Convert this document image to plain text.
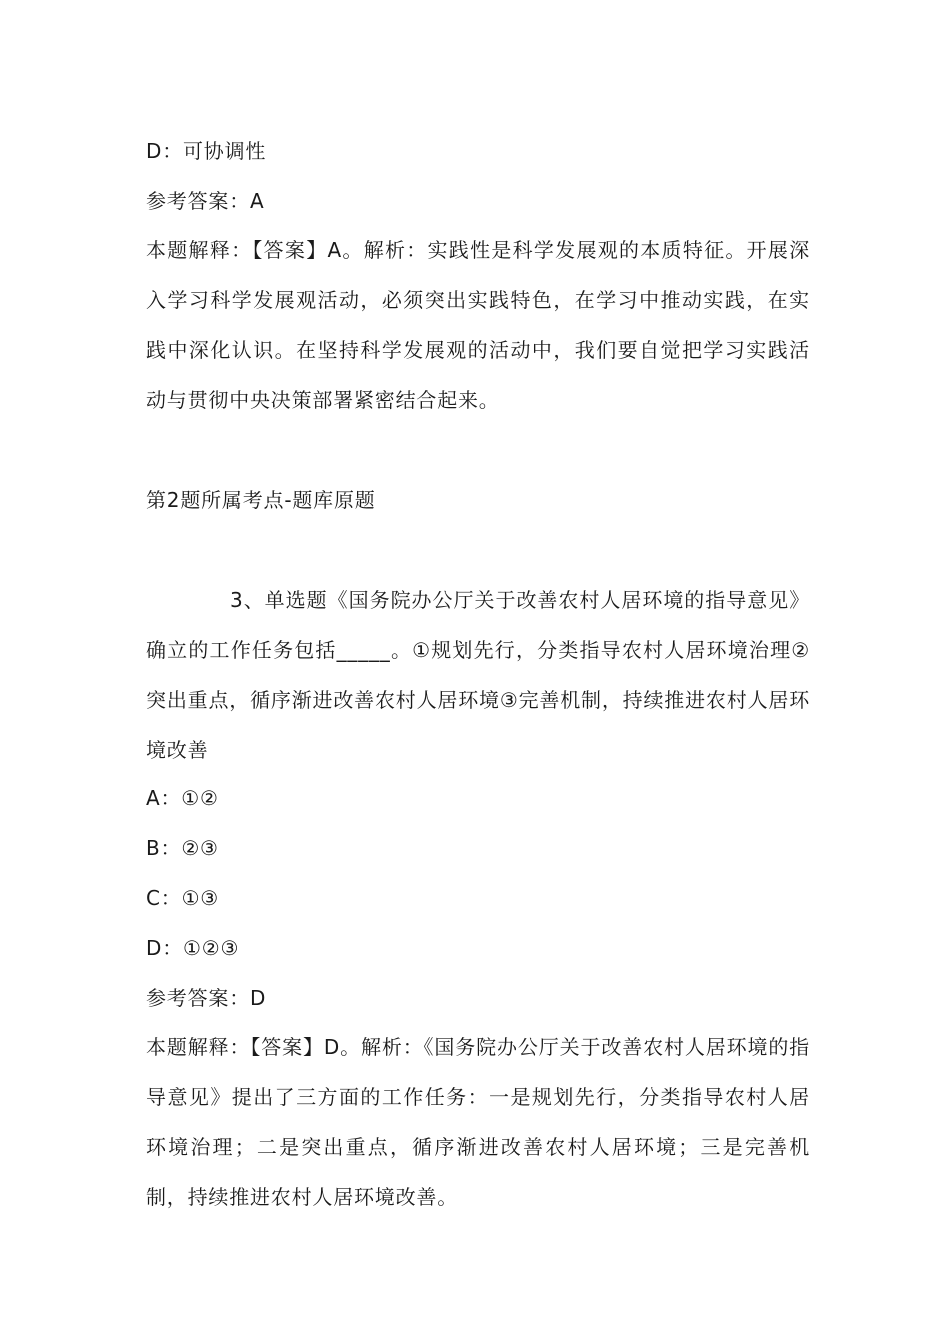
D：可协调性
参考答案：A
本题解释：【答案】A。解析：实践性是科学发展观的本质特征。开展深入学习科学发展观活动，必须突出实践特色，在学习中推动实践，在实践中深化认识。在坚持科学发展观的活动中，我们要自觉把学习实践活动与贯彻中央决策部署紧密结合起来。
第2题所属考点-题库原题
3、单选题《国务院办公厅关于改善农村人居环境的指导意见》确立的工作任务包括_____。①规划先行，分类指导农村人居环境治理②突出重点，循序渐进改善农村人居环境③完善机制，持续推进农村人居环境改善
A：①②
B：②③
C：①③
D：①②③
参考答案：D
本题解释：【答案】D。解析：《国务院办公厅关于改善农村人居环境的指导意见》提出了三方面的工作任务：一是规划先行，分类指导农村人居环境治理；二是突出重点，循序渐进改善农村人居环境；三是完善机制，持续推进农村人居环境改善。
